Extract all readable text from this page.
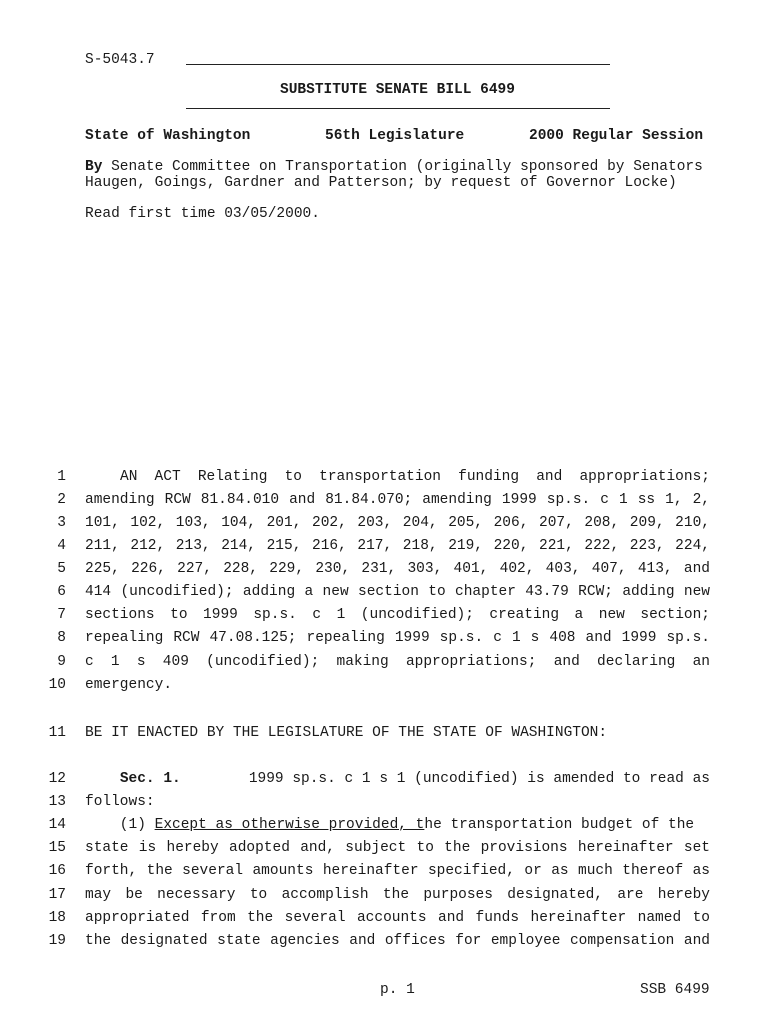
S-5043.7
SUBSTITUTE SENATE BILL 6499
State of Washington	56th Legislature	2000 Regular Session
By Senate Committee on Transportation (originally sponsored by Senators
Haugen, Goings, Gardner and Patterson; by request of Governor Locke)
Read first time 03/05/2000.
1	AN ACT Relating to transportation funding and appropriations;
2 amending RCW 81.84.010 and 81.84.070; amending 1999 sp.s. c 1 ss 1, 2,
3 101, 102, 103, 104, 201, 202, 203, 204, 205, 206, 207, 208, 209, 210,
4 211, 212, 213, 214, 215, 216, 217, 218, 219, 220, 221, 222, 223, 224,
5 225, 226, 227, 228, 229, 230, 231, 303, 401, 402, 403, 407, 413, and
6 414 (uncodified); adding a new section to chapter 43.79 RCW; adding new
7 sections to 1999 sp.s. c 1 (uncodified); creating a new section;
8 repealing RCW 47.08.125; repealing 1999 sp.s. c 1 s 408 and 1999 sp.s.
9 c 1 s 409 (uncodified); making appropriations; and declaring an
10 emergency.
11 BE IT ENACTED BY THE LEGISLATURE OF THE STATE OF WASHINGTON:
12	Sec. 1.	1999 sp.s. c 1 s 1 (uncodified) is amended to read as
13 follows:
14 (1) Except as otherwise provided, the transportation budget of the
15 state is hereby adopted and, subject to the provisions hereinafter set
16 forth, the several amounts hereinafter specified, or as much thereof as
17 may be necessary to accomplish the purposes designated, are hereby
18 appropriated from the several accounts and funds hereinafter named to
19 the designated state agencies and offices for employee compensation and
p. 1	SSB 6499
